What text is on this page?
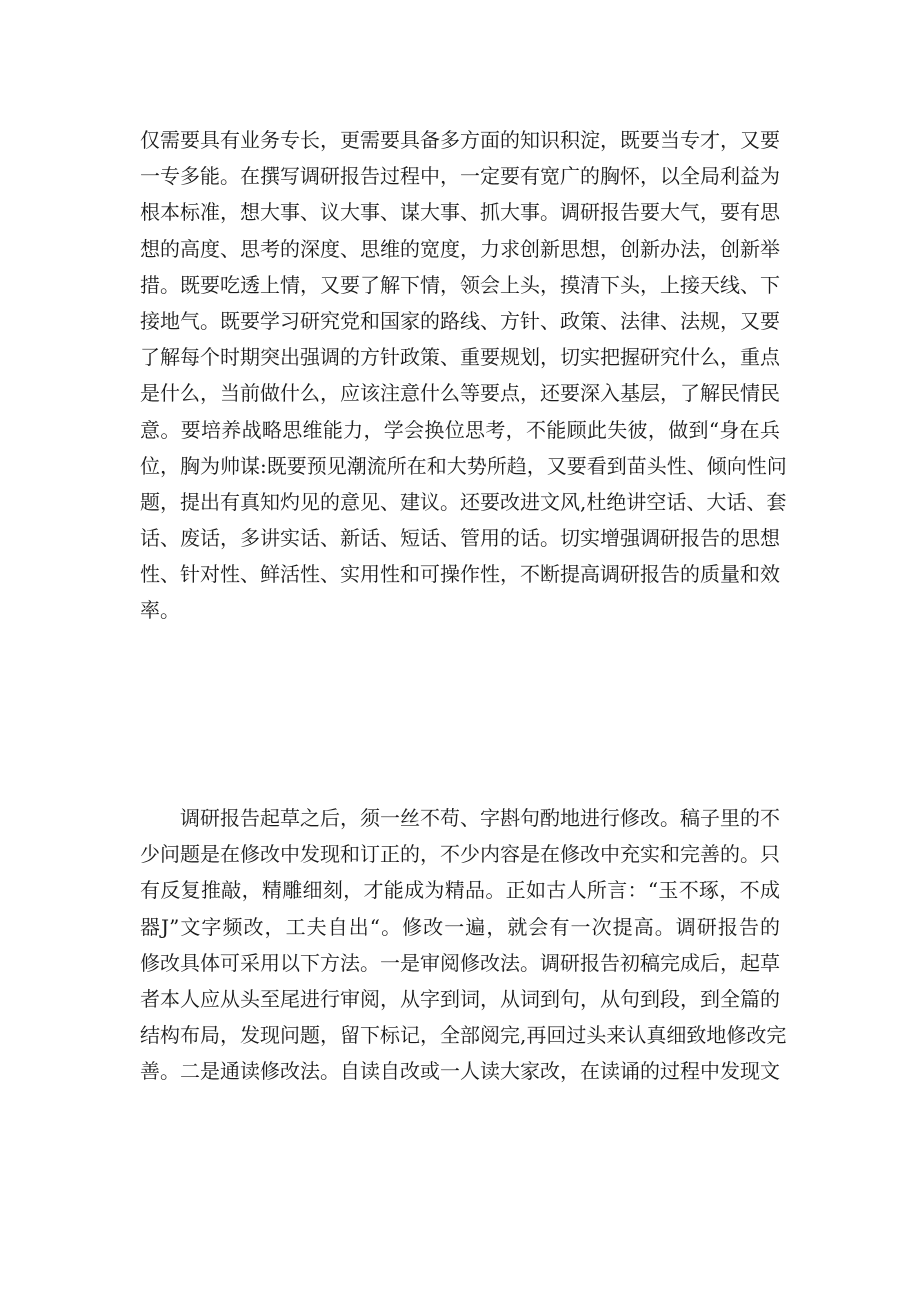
仅需要具有业务专长，更需要具备多方面的知识积淀，既要当专才，又要
一专多能。在撰写调研报告过程中，一定要有宽广的胸怀，以全局利益为
根本标准，想大事、议大事、谋大事、抓大事。调研报告要大气，要有思
想的高度、思考的深度、思维的宽度，力求创新思想，创新办法，创新举
措。既要吃透上情，又要了解下情，领会上头，摸清下头，上接天线、下
接地气。既要学习研究党和国家的路线、方针、政策、法律、法规，又要
了解每个时期突出强调的方针政策、重要规划，切实把握研究什么，重点
是什么，当前做什么，应该注意什么等要点，还要深入基层，了解民情民
意。要培养战略思维能力，学会换位思考，不能顾此失彼，做到“身在兵
位，胸为帅谋:既要预见潮流所在和大势所趋，又要看到苗头性、倾向性问
题，提出有真知灼见的意见、建议。还要改进文风,杜绝讲空话、大话、套
话、废话，多讲实话、新话、短话、管用的话。切实增强调研报告的思想
性、针对性、鲜活性、实用性和可操作性，不断提高调研报告的质量和效
率。
调研报告起草之后，须一丝不苟、字斟句酌地进行修改。稿子里的不
少问题是在修改中发现和订正的，不少内容是在修改中充实和完善的。只
有反复推敲，精雕细刻，才能成为精品。正如古人所言：“玉不琢，不成
器J”文字频改，工夫自出“。修改一遍，就会有一次提高。调研报告的
修改具体可采用以下方法。一是审阅修改法。调研报告初稿完成后，起草
者本人应从头至尾进行审阅，从字到词，从词到句，从句到段，到全篇的
结构布局，发现问题，留下标记，全部阅完,再回过头来认真细致地修改完
善。二是通读修改法。自读自改或一人读大家改，在读诵的过程中发现文
